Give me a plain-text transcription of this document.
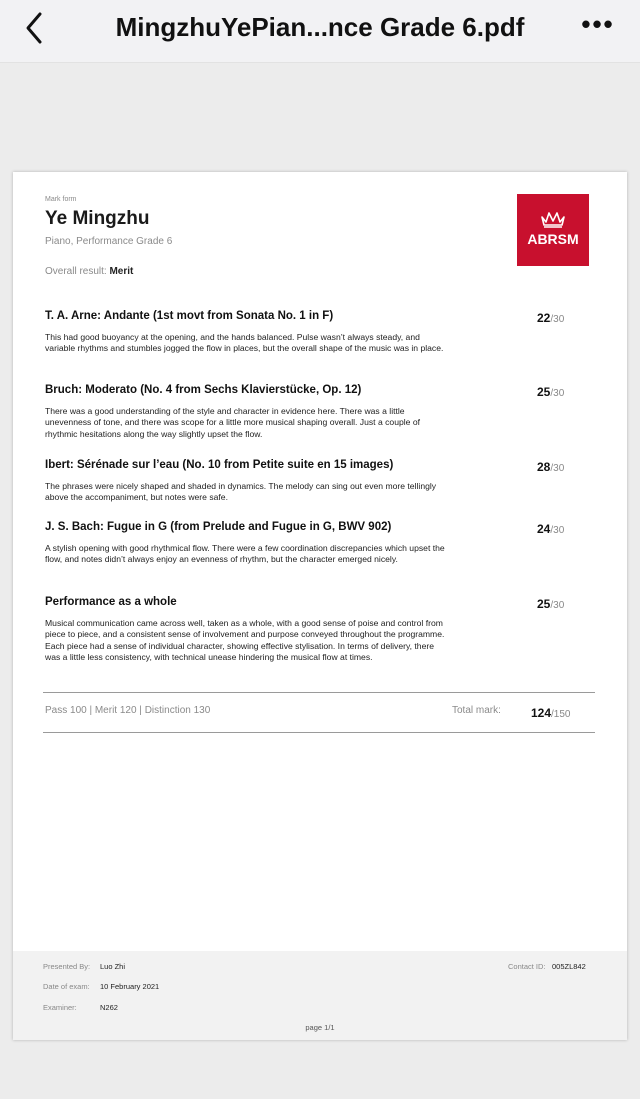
MingzhuYePian...nce Grade 6.pdf	•••
Mark form
Ye Mingzhu
Piano, Performance Grade 6
Overall result: Merit
ABRSM
T. A. Arne: Andante (1st movt from Sonata No. 1 in F)	22/30
This had good buoyancy at the opening, and the hands balanced. Pulse wasn’t always steady, and variable rhythms and stumbles jogged the flow in places, but the overall shape of the music was in place.
Bruch: Moderato (No. 4 from Sechs Klavierstücke, Op. 12)	25/30
There was a good understanding of the style and character in evidence here. There was a little unevenness of tone, and there was scope for a little more musical shaping overall. Just a couple of rhythmic hesitations along the way slightly upset the flow.
Ibert: Sérénade sur l’eau (No. 10 from Petite suite en 15 images)	28/30
The phrases were nicely shaped and shaded in dynamics. The melody can sing out even more tellingly above the accompaniment, but notes were safe.
J. S. Bach: Fugue in G (from Prelude and Fugue in G, BWV 902)	24/30
A stylish opening with good rhythmical flow. There were a few coordination discrepancies which upset the flow, and notes didn’t always enjoy an evenness of rhythm, but the character emerged nicely.
Performance as a whole	25/30
Musical communication came across well, taken as a whole, with a good sense of poise and control from piece to piece, and a consistent sense of involvement and purpose conveyed throughout the programme. Each piece had a sense of individual character, showing effective stylisation. In terms of delivery, there was a little less consistency, with technical unease hindering the musical flow at times.
Pass 100 | Merit 120 | Distinction 130	Total mark:	124/150
Presented By: Luo Zhi
Date of exam: 10 February 2021
Examiner:	N262
Contact ID: 005ZL842
page 1/1
